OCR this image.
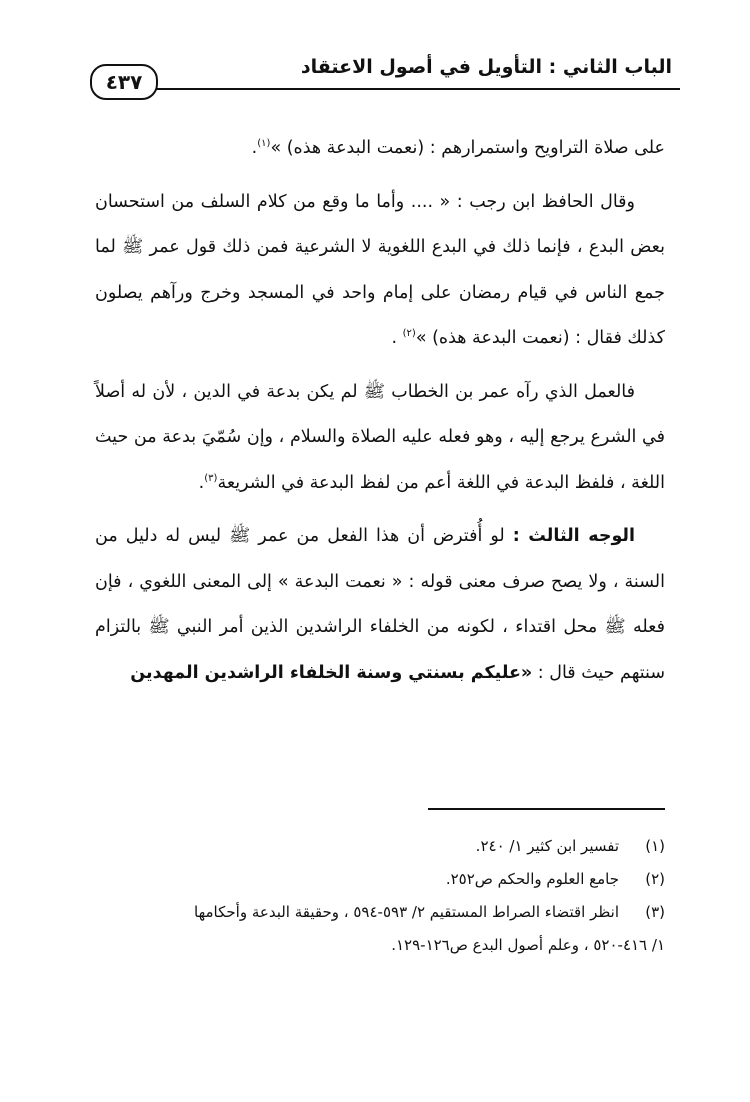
الباب الثاني : التأويل في أصول الاعتقاد
٤٣٧

على صلاة التراويح واستمرارهم : (نعمت البدعة هذه) »$^{(١)}$.

وقال الحافظ ابن رجب : « .... وأما ما وقع من كلام السلف من استحسان بعض البدع ، فإنما ذلك في البدع اللغوية لا الشرعية فمن ذلك قول عمر ﷺ لما جمع الناس في قيام رمضان على إمام واحد في المسجد وخرج ورآهم يصلون كذلك فقال : (نعمت البدعة هذه) »$^{(٢)}$ .

فالعمل الذي رآه عمر بن الخطاب ﷺ لم يكن بدعة في الدين ، لأن له أصلاً في الشرع يرجع إليه ، وهو فعله عليه الصلاة والسلام ، وإن سُمّيَ بدعة من حيث اللغة ، فلفظ البدعة في اللغة أعم من لفظ البدعة في الشريعة$^{(٣)}$.

الوجه الثالث : لو أُفترض أن هذا الفعل من عمر ﷺ ليس له دليل من السنة ، ولا يصح صرف معنى قوله : « نعمت البدعة » إلى المعنى اللغوي ، فإن فعله ﷺ محل اقتداء ، لكونه من الخلفاء الراشدين الذين أمر النبي ﷺ بالتزام سنتهم حيث قال : «عليكم بسنتي وسنة الخلفاء الراشدين المهدين

(١)
تفسير ابن كثير ١/ ٢٤٠.
(٢)
جامع العلوم والحكم ص٢٥٢.
(٣)
انظر اقتضاء الصراط المستقيم ٢/ ٥٩٣-٥٩٤ ، وحقيقة البدعة وأحكامها
١/ ٤١٦-٥٢٠ ، وعلم أصول البدع ص١٢٦-١٢٩.
